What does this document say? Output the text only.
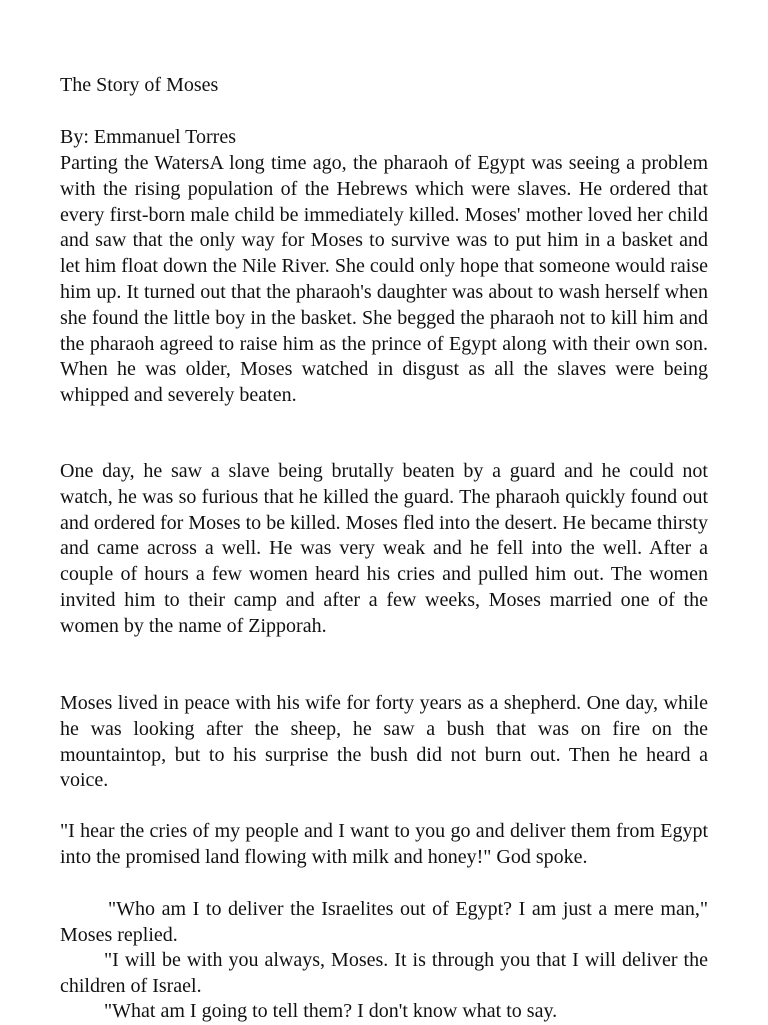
The Story of Moses
By: Emmanuel Torres

Parting the WatersA long time ago, the pharaoh of Egypt was seeing a problem with the rising population of the Hebrews which were slaves. He ordered that every first-born male child be immediately killed. Moses' mother loved her child and saw that the only way for Moses to survive was to put him in a basket and let him float down the Nile River. She could only hope that someone would raise him up. It turned out that the pharaoh's daughter was about to wash herself when she found the little boy in the basket. She begged the pharaoh not to kill him and the pharaoh agreed to raise him as the prince of Egypt along with their own son. When he was older, Moses watched in disgust as all the slaves were being whipped and severely beaten.

One day, he saw a slave being brutally beaten by a guard and he could not watch, he was so furious that he killed the guard. The pharaoh quickly found out and ordered for Moses to be killed. Moses fled into the desert. He became thirsty and came across a well. He was very weak and he fell into the well. After a couple of hours a few women heard his cries and pulled him out. The women invited him to their camp and after a few weeks, Moses married one of the women by the name of Zipporah.

Moses lived in peace with his wife for forty years as a shepherd. One day, while he was looking after the sheep, he saw a bush that was on fire on the mountaintop, but to his surprise the bush did not burn out. Then he heard a voice.

"I hear the cries of my people and I want to you go and deliver them from Egypt into the promised land flowing with milk and honey!" God spoke.

"Who am I to deliver the Israelites out of Egypt? I am just a mere man," Moses replied.

"I will be with you always, Moses. It is through you that I will deliver the children of Israel.

"What am I going to tell them? I don't know what to say.
